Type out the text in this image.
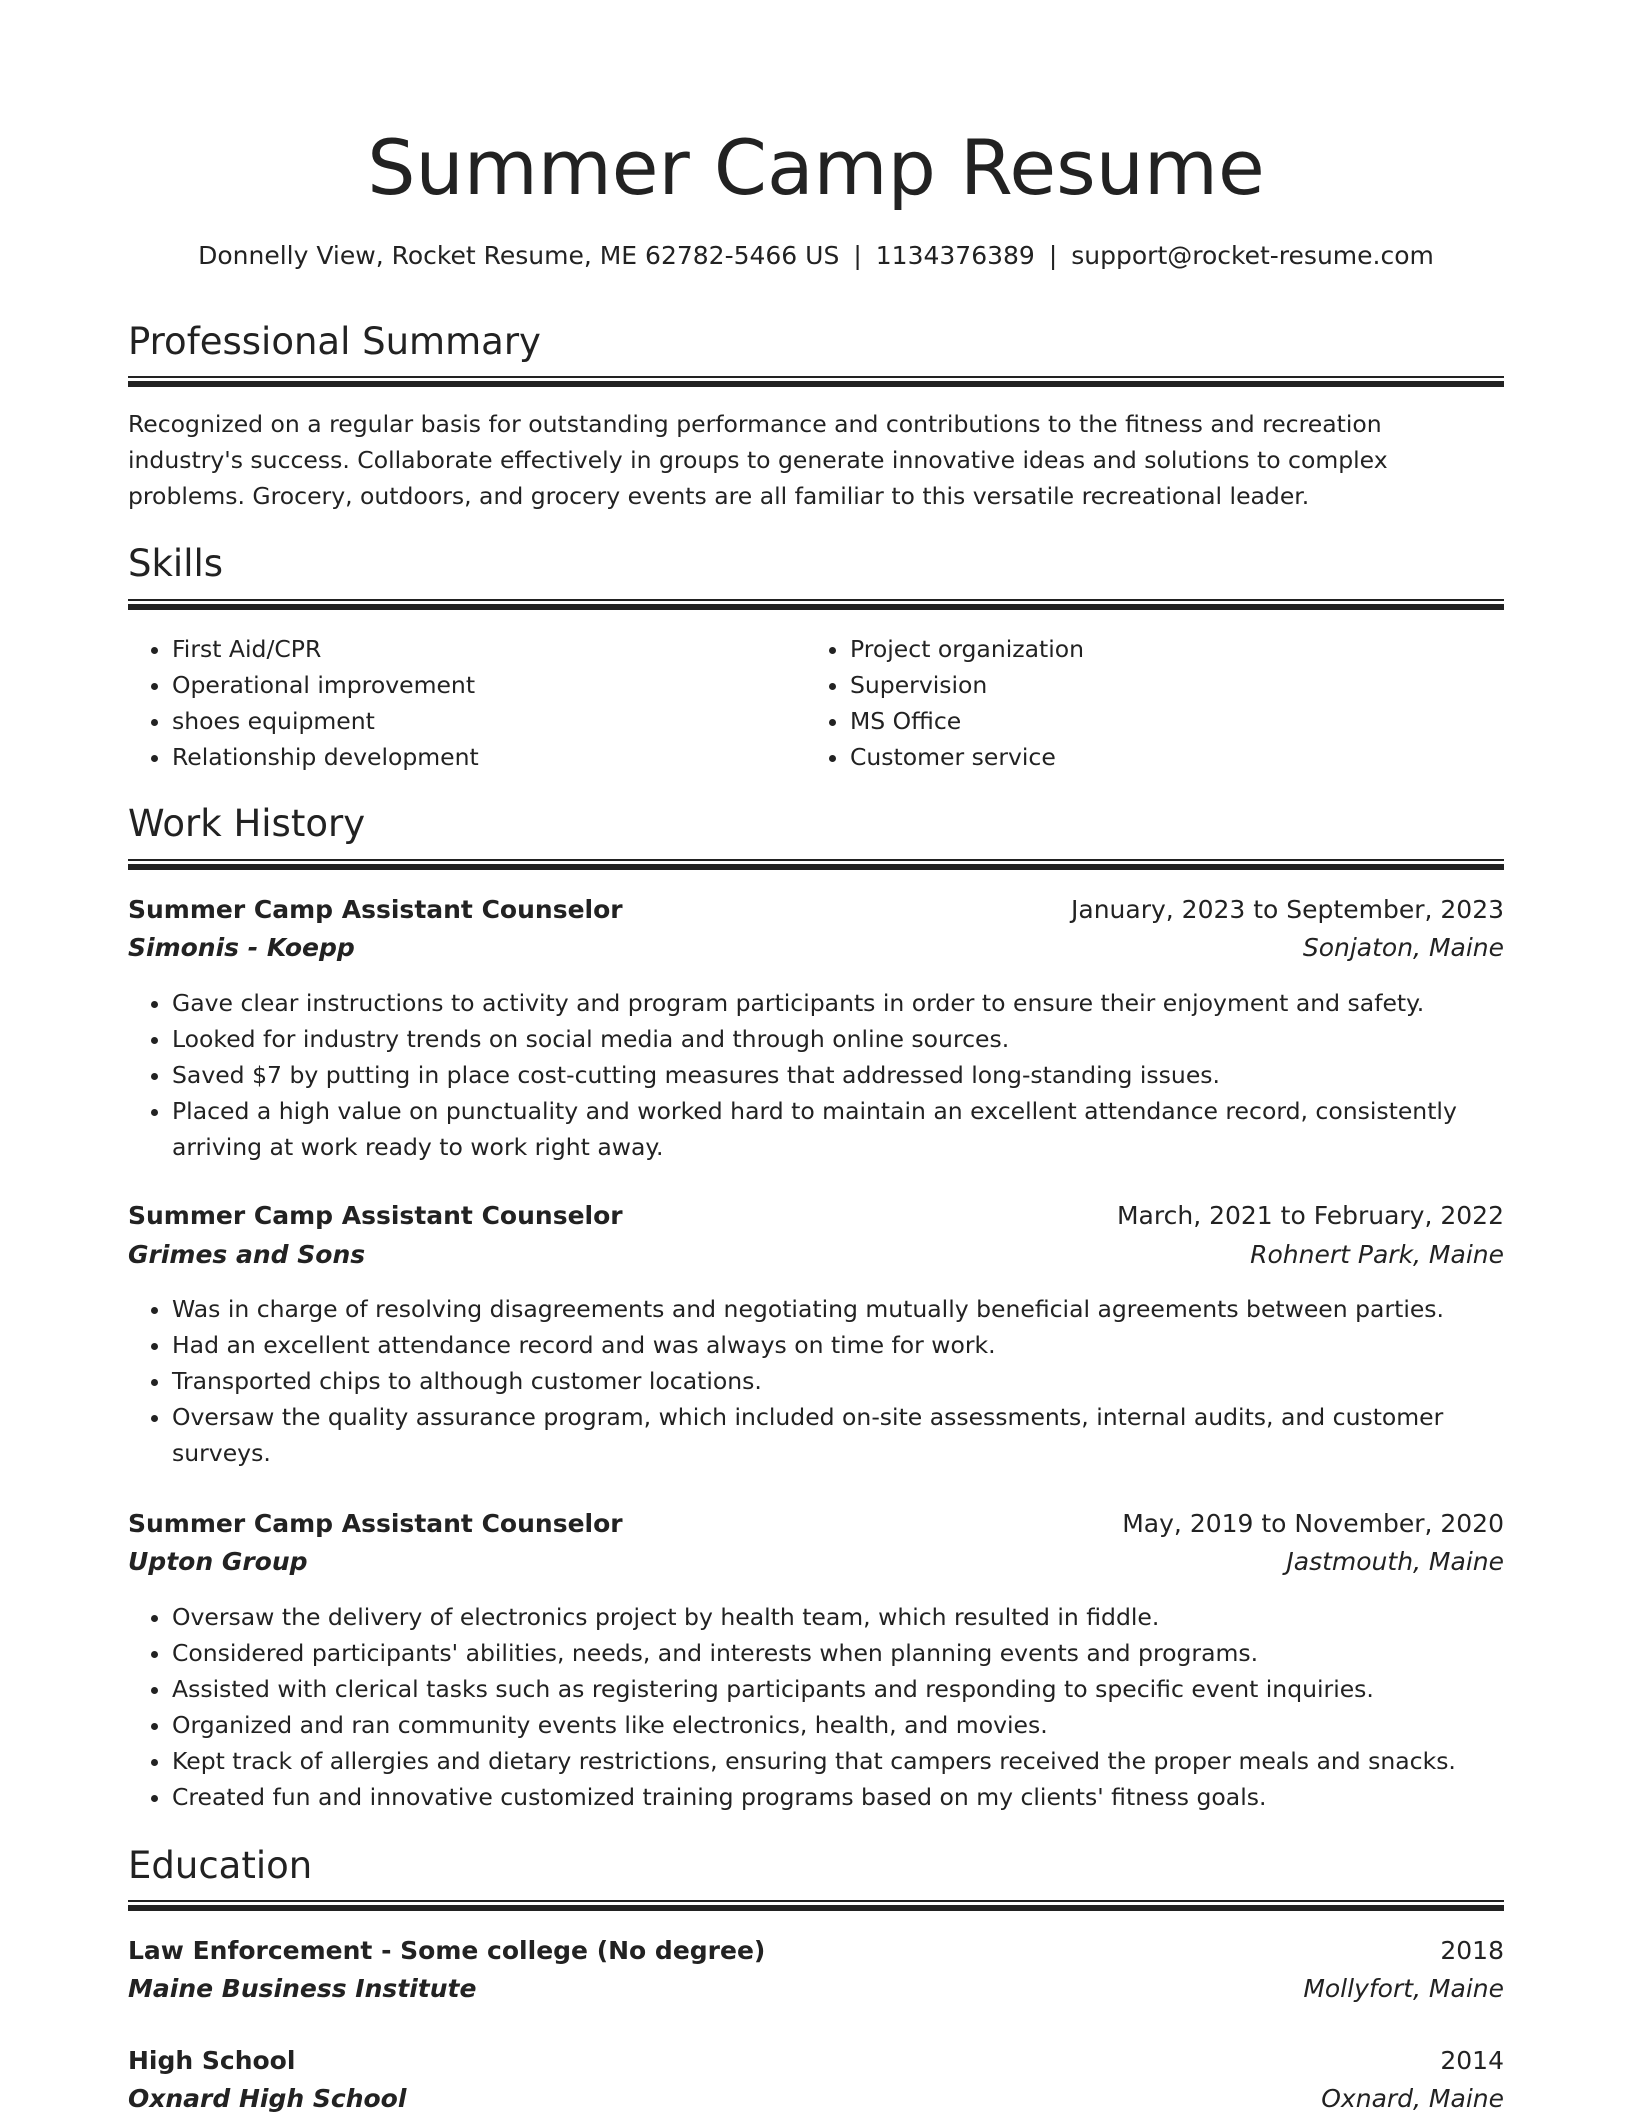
Summer Camp Resume
Donnelly View, Rocket Resume, ME 62782-5466 US | 1134376389 | support@rocket-resume.com
Professional Summary
Recognized on a regular basis for outstanding performance and contributions to the fitness and recreation industry's success. Collaborate effectively in groups to generate innovative ideas and solutions to complex problems. Grocery, outdoors, and grocery events are all familiar to this versatile recreational leader.
Skills
• First Aid/CPR
• Operational improvement
• shoes equipment
• Relationship development
• Project organization
• Supervision
• MS Office
• Customer service
Work History
Summer Camp Assistant Counselor	January, 2023 to September, 2023
Simonis - Koepp	Sonjaton, Maine
• Gave clear instructions to activity and program participants in order to ensure their enjoyment and safety.
• Looked for industry trends on social media and through online sources.
• Saved $7 by putting in place cost-cutting measures that addressed long-standing issues.
• Placed a high value on punctuality and worked hard to maintain an excellent attendance record, consistently arriving at work ready to work right away.
Summer Camp Assistant Counselor	March, 2021 to February, 2022
Grimes and Sons	Rohnert Park, Maine
• Was in charge of resolving disagreements and negotiating mutually beneficial agreements between parties.
• Had an excellent attendance record and was always on time for work.
• Transported chips to although customer locations.
• Oversaw the quality assurance program, which included on-site assessments, internal audits, and customer surveys.
Summer Camp Assistant Counselor	May, 2019 to November, 2020
Upton Group	Jastmouth, Maine
• Oversaw the delivery of electronics project by health team, which resulted in fiddle.
• Considered participants' abilities, needs, and interests when planning events and programs.
• Assisted with clerical tasks such as registering participants and responding to specific event inquiries.
• Organized and ran community events like electronics, health, and movies.
• Kept track of allergies and dietary restrictions, ensuring that campers received the proper meals and snacks.
• Created fun and innovative customized training programs based on my clients' fitness goals.
Education
Law Enforcement - Some college (No degree)	2018
Maine Business Institute	Mollyfort, Maine
High School	2014
Oxnard High School	Oxnard, Maine
